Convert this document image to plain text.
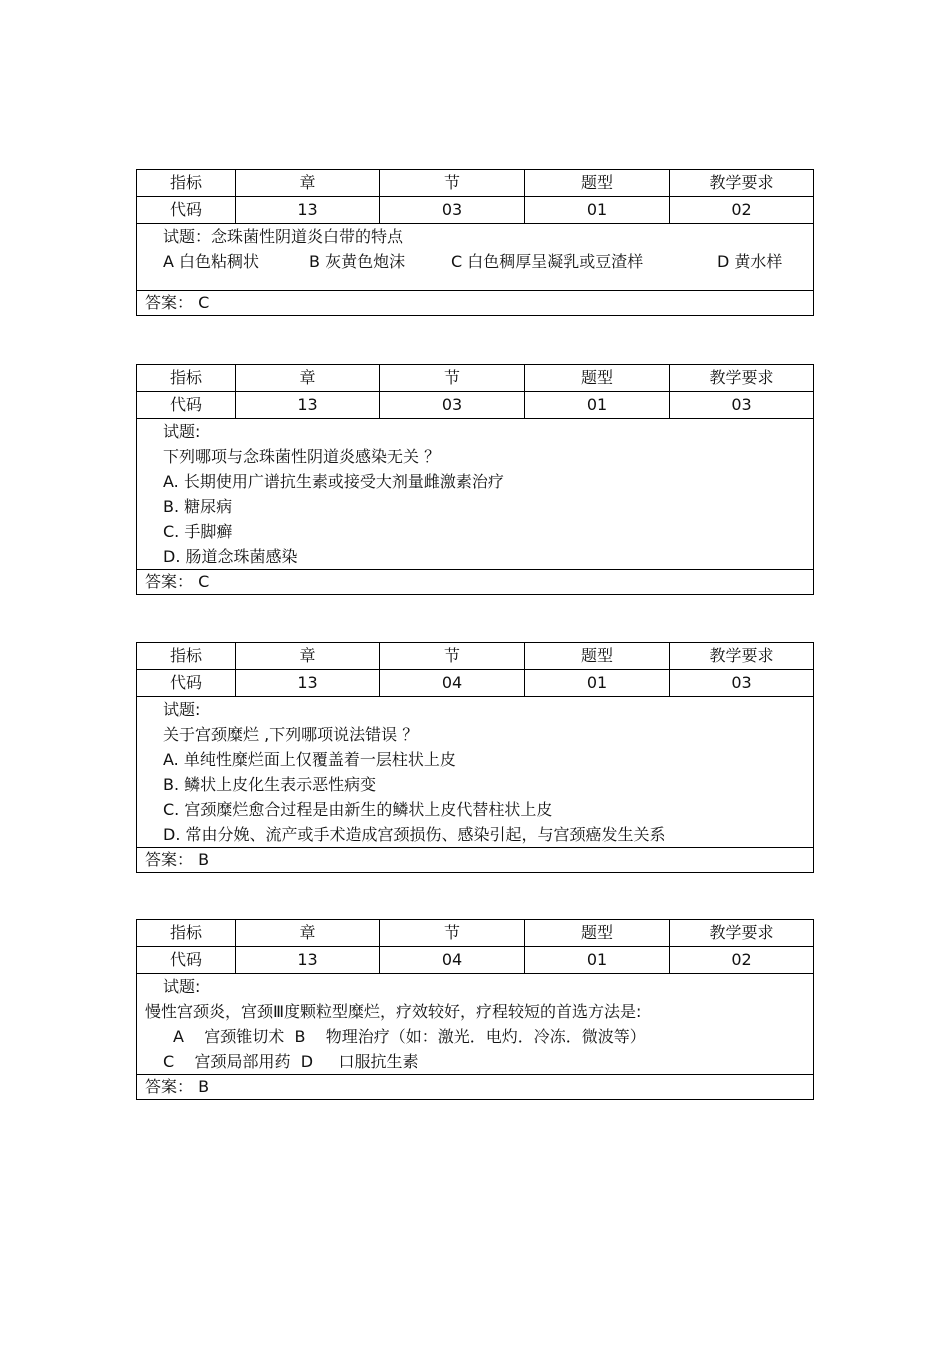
指标	章	节	题型	教学要求
代码	13	03	01	02
试题：念珠菌性阴道炎白带的特点
A 白色粘稠状	B 灰黄色炮沫	C 白色稠厚呈凝乳或豆渣样	D 黄水样
答案： C
指标	章	节	题型	教学要求
代码	13	03	01	03
试题:
下列哪项与念珠菌性阴道炎感染无关 ？
A. 长期使用广谱抗生素或接受大剂量雌激素治疗
B. 糖尿病
C. 手脚癣
D. 肠道念珠菌感染
答案： C
指标	章	节	题型	教学要求
代码	13	04	01	03
试题:
关于宫颈糜烂 ,下列哪项说法错误 ？
A. 单纯性糜烂面上仅覆盖着一层柱状上皮
B. 鳞状上皮化生表示恶性病变
C. 宫颈糜烂愈合过程是由新生的鳞状上皮代替柱状上皮
D. 常由分娩、流产或手术造成宫颈损伤、感染引起，与宫颈癌发生关系
答案： B
指标	章	节	题型	教学要求
代码	13	04	01	02
试题:
慢性宫颈炎，宫颈Ⅲ度颗粒型糜烂，疗效较好，疗程较短的首选方法是:
A    宫颈锥切术  B    物理治疗（如：激光．电灼．冷冻．微波等）
C    宫颈局部用药  D     口服抗生素
答案： B
